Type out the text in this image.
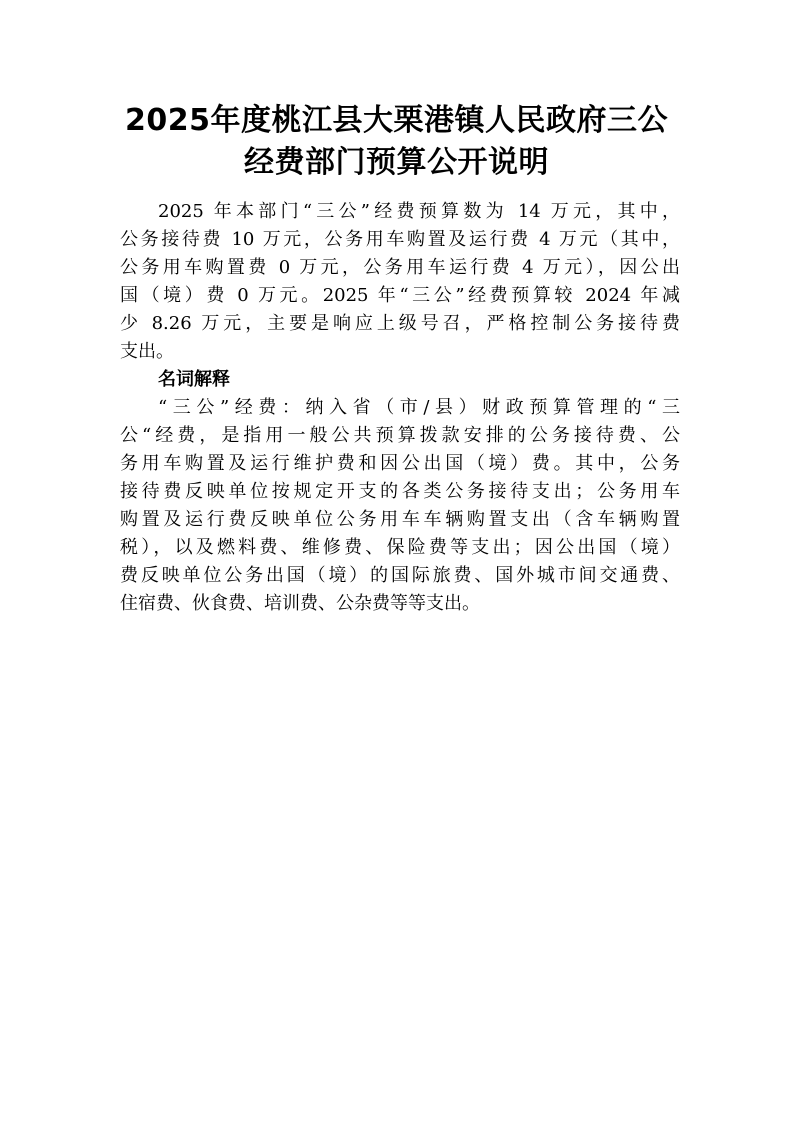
2025年度桃江县大栗港镇人民政府三公
经费部门预算公开说明
2025 年本部门“三公”经费预算数为 14 万元，其中，
公务接待费 10 万元，公务用车购置及运行费 4 万元（其中，
公务用车购置费 0 万元，公务用车运行费 4 万元），因公出
国（境）费 0 万元。2025 年“三公”经费预算较 2024 年减
少 8.26 万元，主要是响应上级号召，严格控制公务接待费
支出。
名词解释
“三公”经费：纳入省（市/县）财政预算管理的“三
公“经费，是指用一般公共预算拨款安排的公务接待费、公
务用车购置及运行维护费和因公出国（境）费。其中，公务
接待费反映单位按规定开支的各类公务接待支出；公务用车
购置及运行费反映单位公务用车车辆购置支出（含车辆购置
税），以及燃料费、维修费、保险费等支出；因公出国（境）
费反映单位公务出国（境）的国际旅费、国外城市间交通费、
住宿费、伙食费、培训费、公杂费等等支出。
